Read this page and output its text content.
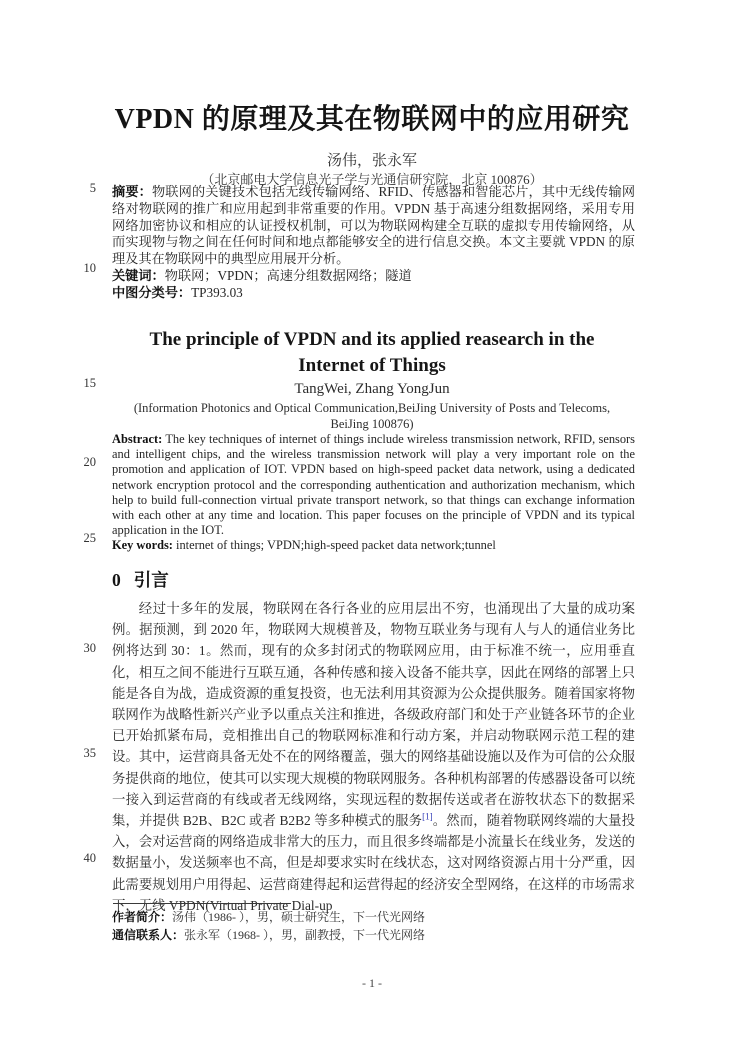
5
10
15
20
25
30
35
40
VPDN 的原理及其在物联网中的应用研究
汤伟，张永军
（北京邮电大学信息光子学与光通信研究院，北京 100876）

摘要：物联网的关键技术包括无线传输网络、RFID、传感器和智能芯片，其中无线传输网络对物联网的推广和应用起到非常重要的作用。VPDN 基于高速分组数据网络，采用专用网络加密协议和相应的认证授权机制，可以为物联网构建全互联的虚拟专用传输网络，从而实现物与物之间在任何时间和地点都能够安全的进行信息交换。本文主要就 VPDN 的原理及其在物联网中的典型应用展开分析。

关键词：物联网；VPDN；高速分组数据网络；隧道

中图分类号：TP393.03

The principle of VPDN and its applied reasearch in the
Internet of Things
TangWei, Zhang YongJun
(Information Photonics and Optical Communication,BeiJing University of Posts and Telecoms,
BeiJing 100876)

Abstract: The key techniques of internet of things include wireless transmission network, RFID, sensors and intelligent chips, and the wireless transmission network will play a very important role on the promotion and application of IOT. VPDN based on high-speed packet data network, using a dedicated network encryption protocol and the corresponding authentication and authorization mechanism, which help to build full-connection virtual private transport network, so that things can exchange information with each other at any time and location. This paper focuses on the principle of VPDN and its typical application in the IOT.

Key words: internet of things; VPDN;high-speed packet data network;tunnel

0 引言
经过十多年的发展，物联网在各行各业的应用层出不穷，也涌现出了大量的成功案例。据预测，到 2020 年，物联网大规模普及，物物互联业务与现有人与人的通信业务比例将达到 30：1。然而，现有的众多封闭式的物联网应用，由于标准不统一，应用垂直化，相互之间不能进行互联互通，各种传感和接入设备不能共享，因此在网络的部署上只能是各自为战，造成资源的重复投资，也无法利用其资源为公众提供服务。随着国家将物联网作为战略性新兴产业予以重点关注和推进，各级政府部门和处于产业链各环节的企业已开始抓紧布局，竞相推出自己的物联网标准和行动方案，并启动物联网示范工程的建设。其中，运营商具备无处不在的网络覆盖，强大的网络基础设施以及作为可信的公众服务提供商的地位，使其可以实现大规模的物联网服务。各种机构部署的传感器设备可以统一接入到运营商的有线或者无线网络，实现远程的数据传送或者在游牧状态下的数据采集，并提供 B2B、B2C 或者 B2B2 等多种模式的服务[1]。然而，随着物联网终端的大量投入，会对运营商的网络造成非常大的压力，而且很多终端都是小流量长在线业务，发送的数据量小，发送频率也不高，但是却要求实时在线状态，这对网络资源占用十分严重，因此需要规划用户用得起、运营商建得起和运营得起的经济安全型网络，在这样的市场需求下，无线 VPDN(Virtual Private Dial-up

作者简介：汤伟（1986- ），男，硕士研究生，下一代光网络

通信联系人：张永军（1968- ），男，副教授，下一代光网络

- 1 -
